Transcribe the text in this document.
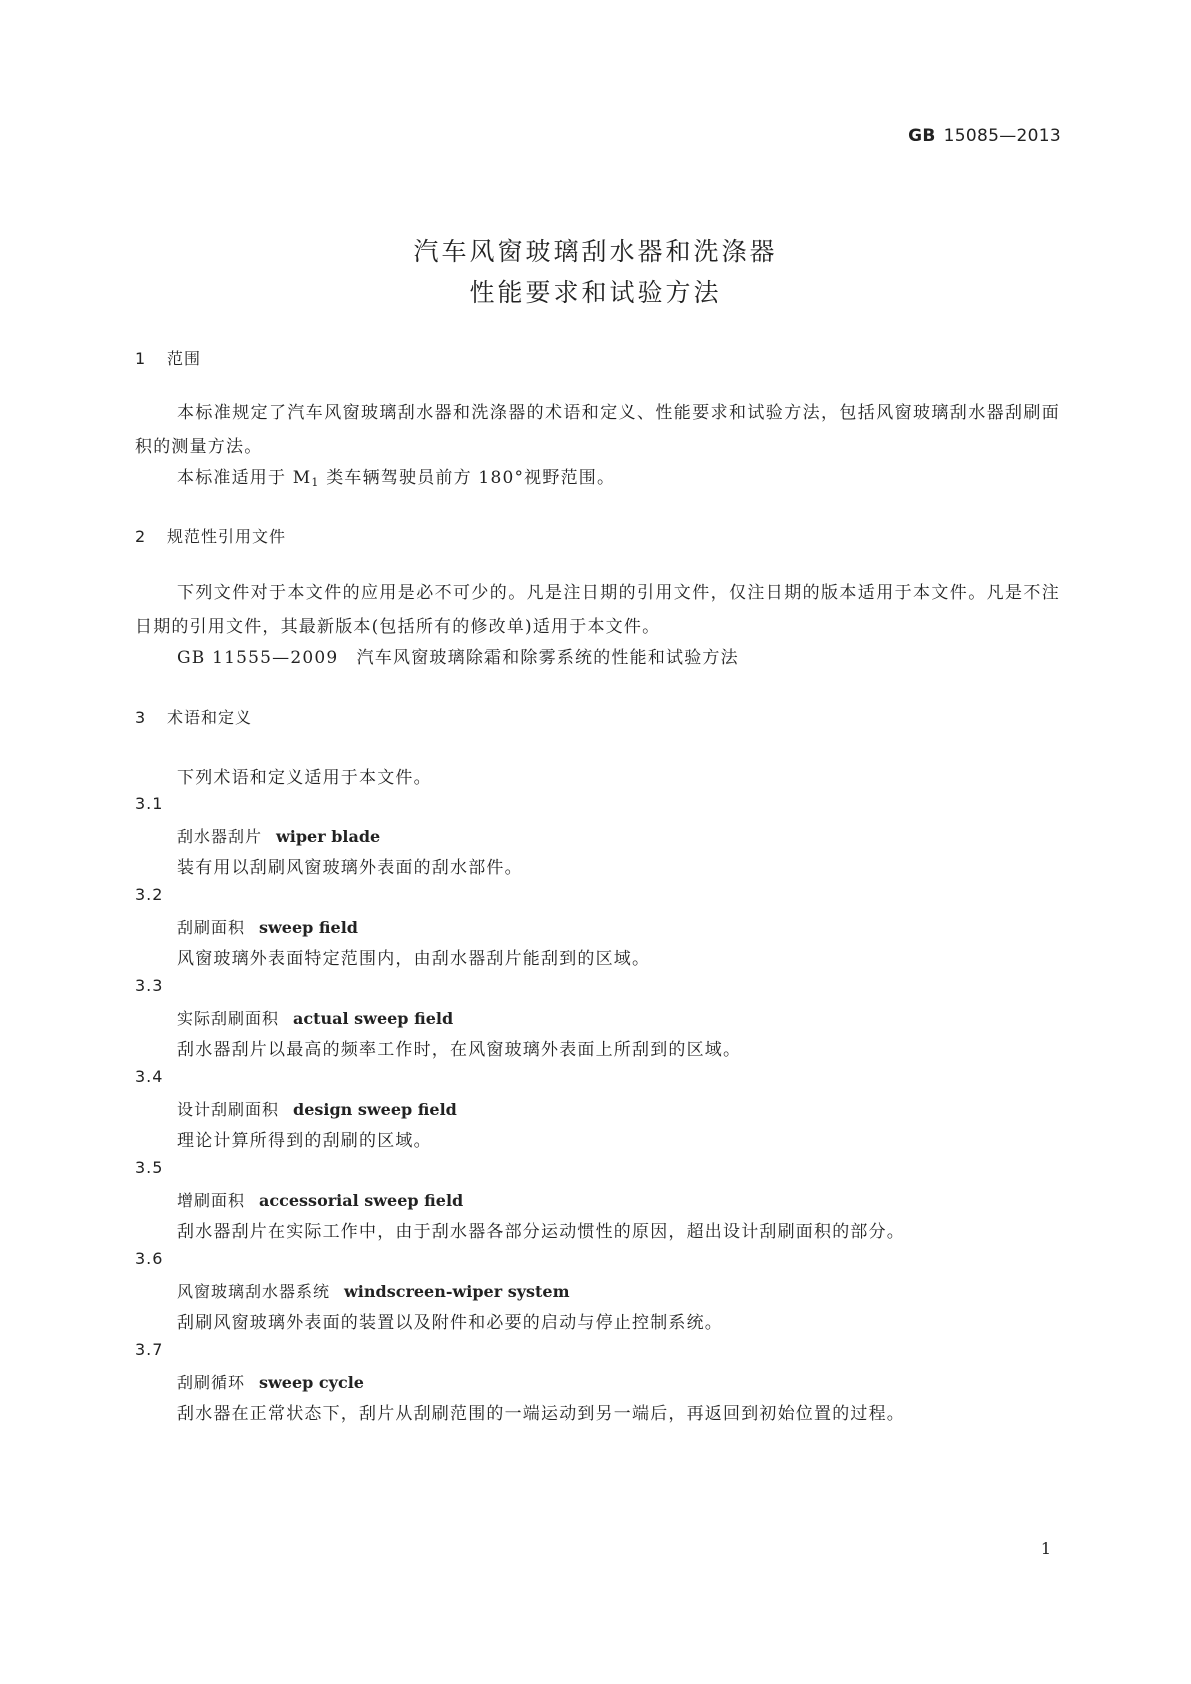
GB 15085—2013
汽车风窗玻璃刮水器和洗涤器
性能要求和试验方法
1 范围
本标准规定了汽车风窗玻璃刮水器和洗涤器的术语和定义、性能要求和试验方法，包括风窗玻璃刮水器刮刷面积的测量方法。
本标准适用于 $M_1$ 类车辆驾驶员前方 180°视野范围。
2 规范性引用文件
下列文件对于本文件的应用是必不可少的。凡是注日期的引用文件，仅注日期的版本适用于本文件。凡是不注日期的引用文件，其最新版本(包括所有的修改单)适用于本文件。
GB 11555—2009　汽车风窗玻璃除霜和除雾系统的性能和试验方法
3 术语和定义
下列术语和定义适用于本文件。
3.1
刮水器刮片 wiper blade
装有用以刮刷风窗玻璃外表面的刮水部件。
3.2
刮刷面积 sweep field
风窗玻璃外表面特定范围内，由刮水器刮片能刮到的区域。
3.3
实际刮刷面积 actual sweep field
刮水器刮片以最高的频率工作时，在风窗玻璃外表面上所刮到的区域。
3.4
设计刮刷面积 design sweep field
理论计算所得到的刮刷的区域。
3.5
增刷面积 accessorial sweep field
刮水器刮片在实际工作中，由于刮水器各部分运动惯性的原因，超出设计刮刷面积的部分。
3.6
风窗玻璃刮水器系统 windscreen-wiper system
刮刷风窗玻璃外表面的装置以及附件和必要的启动与停止控制系统。
3.7
刮刷循环 sweep cycle
刮水器在正常状态下，刮片从刮刷范围的一端运动到另一端后，再返回到初始位置的过程。
1
